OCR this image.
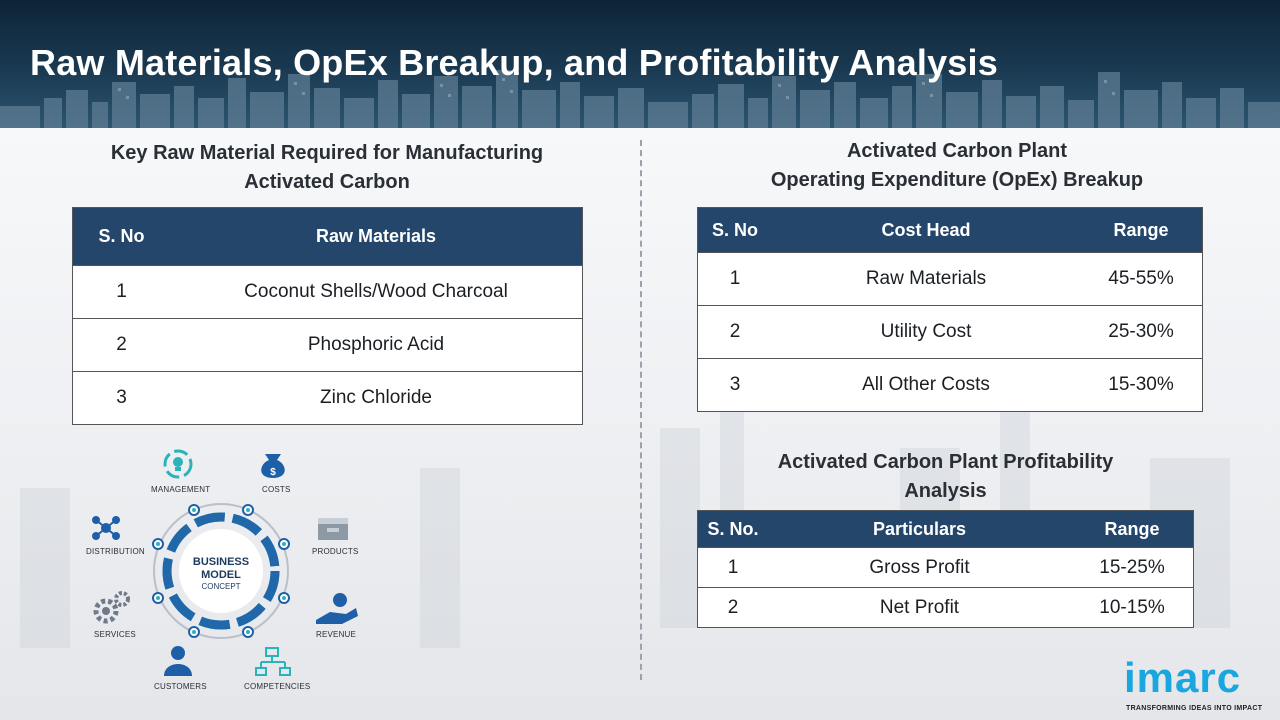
Raw Materials, OpEx Breakup, and Profitability Analysis
Key Raw Material Required for Manufacturing
Activated Carbon
S. No	Raw Materials
1	Coconut Shells/Wood Charcoal
2	Phosphoric Acid
3	Zinc Chloride
BUSINESS
MODEL
CONCEPT
$
MANAGEMENT	COSTS
DISTRIBUTION	PRODUCTS
SERVICES	REVENUE
CUSTOMERS	COMPETENCIES
Activated Carbon Plant
Operating Expenditure (OpEx) Breakup
S. No	Cost Head	Range
1	Raw Materials	45-55%
2	Utility Cost	25-30%
3	All Other Costs	15-30%
Activated Carbon Plant Profitability
Analysis
S. No.	Particulars	Range
1	Gross Profit	15-25%
2	Net Profit	10-15%
imarc
TRANSFORMING IDEAS INTO IMPACT
